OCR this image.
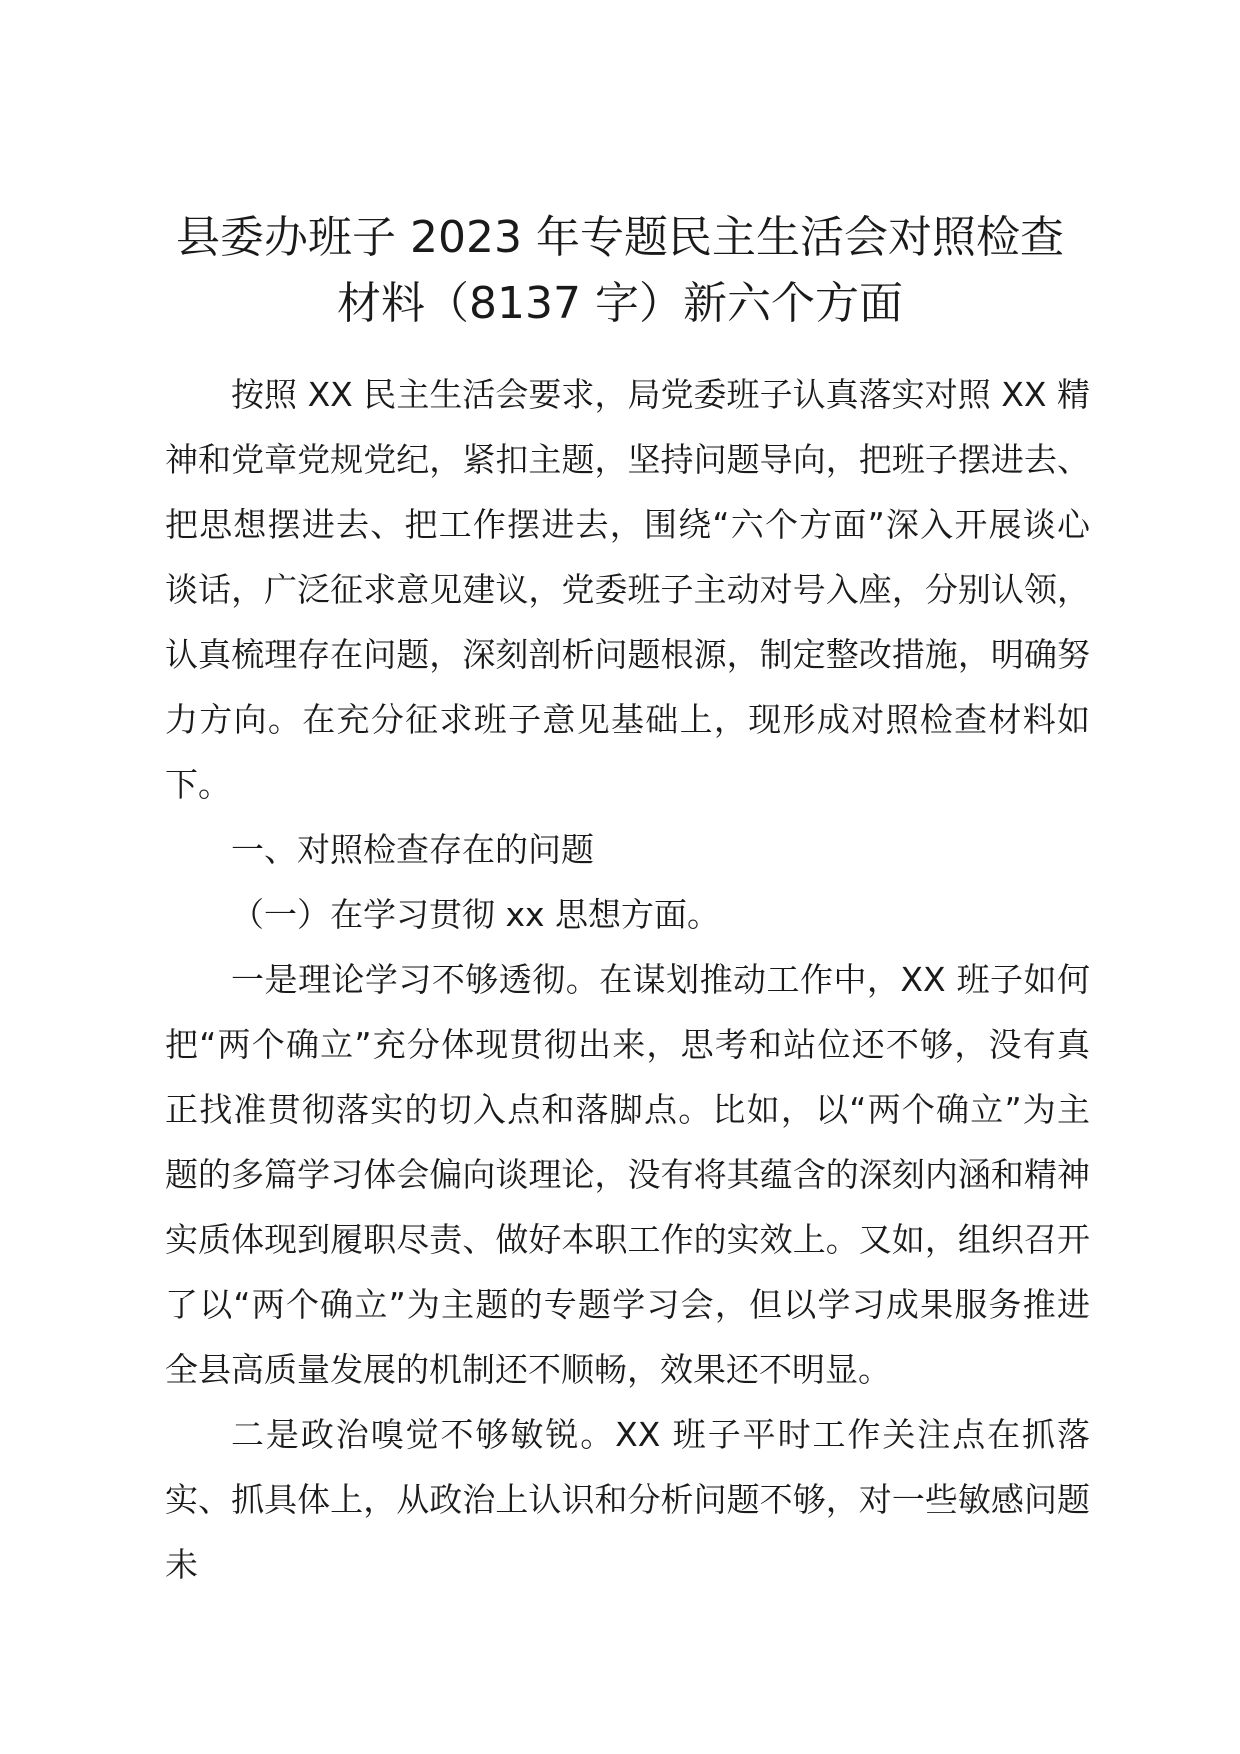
县委办班子 2023 年专题民主生活会对照检查
材料（8137 字）新六个方面

按照 XX 民主生活会要求，局党委班子认真落实对照 XX 精神和党章党规党纪，紧扣主题，坚持问题导向，把班子摆进去、把思想摆进去、把工作摆进去，围绕“六个方面”深入开展谈心谈话，广泛征求意见建议，党委班子主动对号入座，分别认领，认真梳理存在问题，深刻剖析问题根源，制定整改措施，明确努力方向。在充分征求班子意见基础上，现形成对照检查材料如下。

一、对照检查存在的问题

（一）在学习贯彻 xx 思想方面。

一是理论学习不够透彻。在谋划推动工作中，XX 班子如何把“两个确立”充分体现贯彻出来，思考和站位还不够，没有真正找准贯彻落实的切入点和落脚点。比如，以“两个确立”为主题的多篇学习体会偏向谈理论，没有将其蕴含的深刻内涵和精神实质体现到履职尽责、做好本职工作的实效上。又如，组织召开了以“两个确立”为主题的专题学习会，但以学习成果服务推进全县高质量发展的机制还不顺畅，效果还不明显。

二是政治嗅觉不够敏锐。XX 班子平时工作关注点在抓落实、抓具体上，从政治上认识和分析问题不够，对一些敏感问题未
